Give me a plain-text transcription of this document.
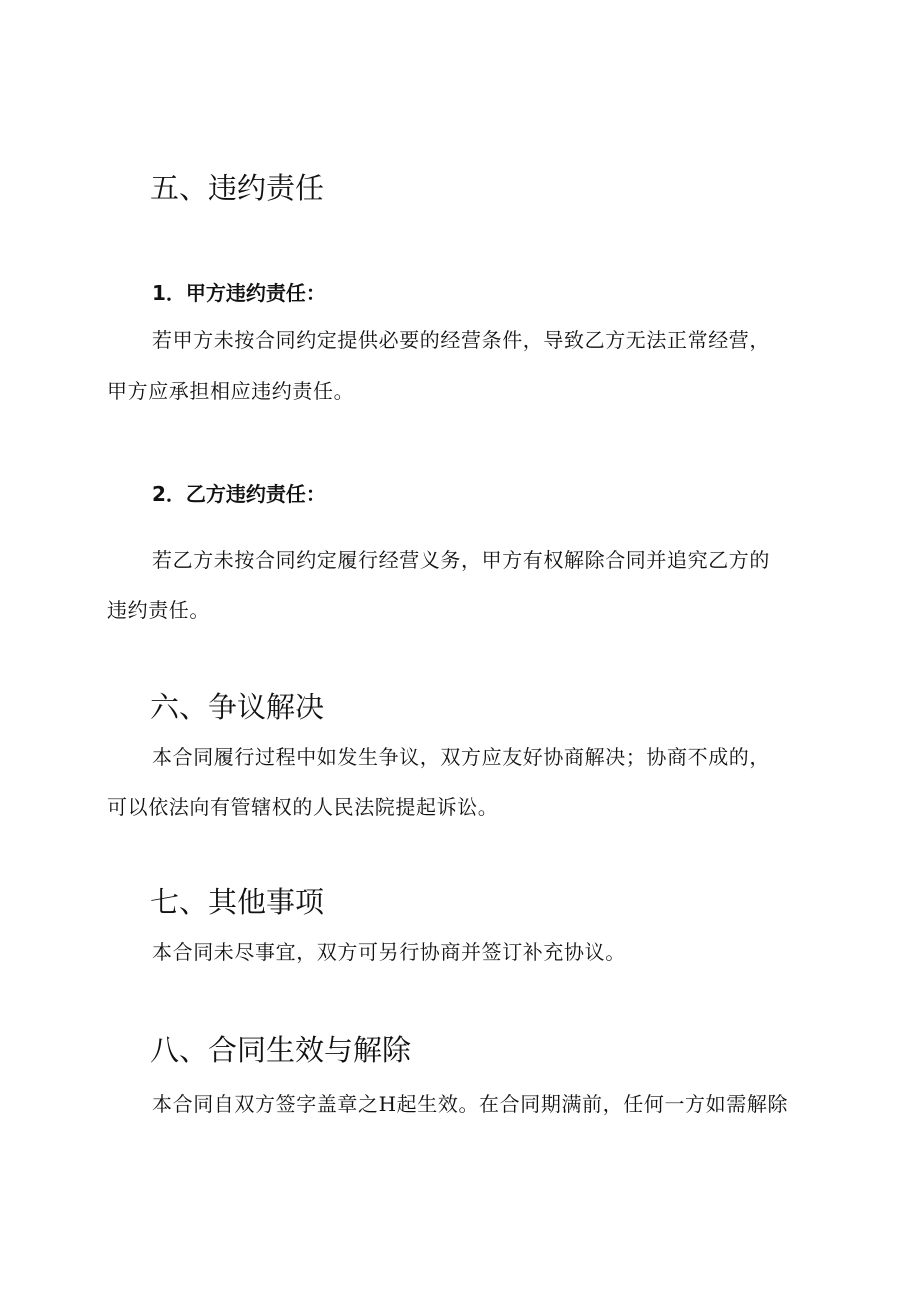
五、违约责任
1．甲方违约责任：

若甲方未按合同约定提供必要的经营条件，导致乙方无法正常经营，

甲方应承担相应违约责任。

2．乙方违约责任：

若乙方未按合同约定履行经营义务，甲方有权解除合同并追究乙方的

违约责任。

六、争议解决

本合同履行过程中如发生争议，双方应友好协商解决；协商不成的，

可以依法向有管辖权的人民法院提起诉讼。

七、其他事项

本合同未尽事宜，双方可另行协商并签订补充协议。

八、合同生效与解除

本合同自双方签字盖章之H起生效。在合同期满前，任何一方如需解除
